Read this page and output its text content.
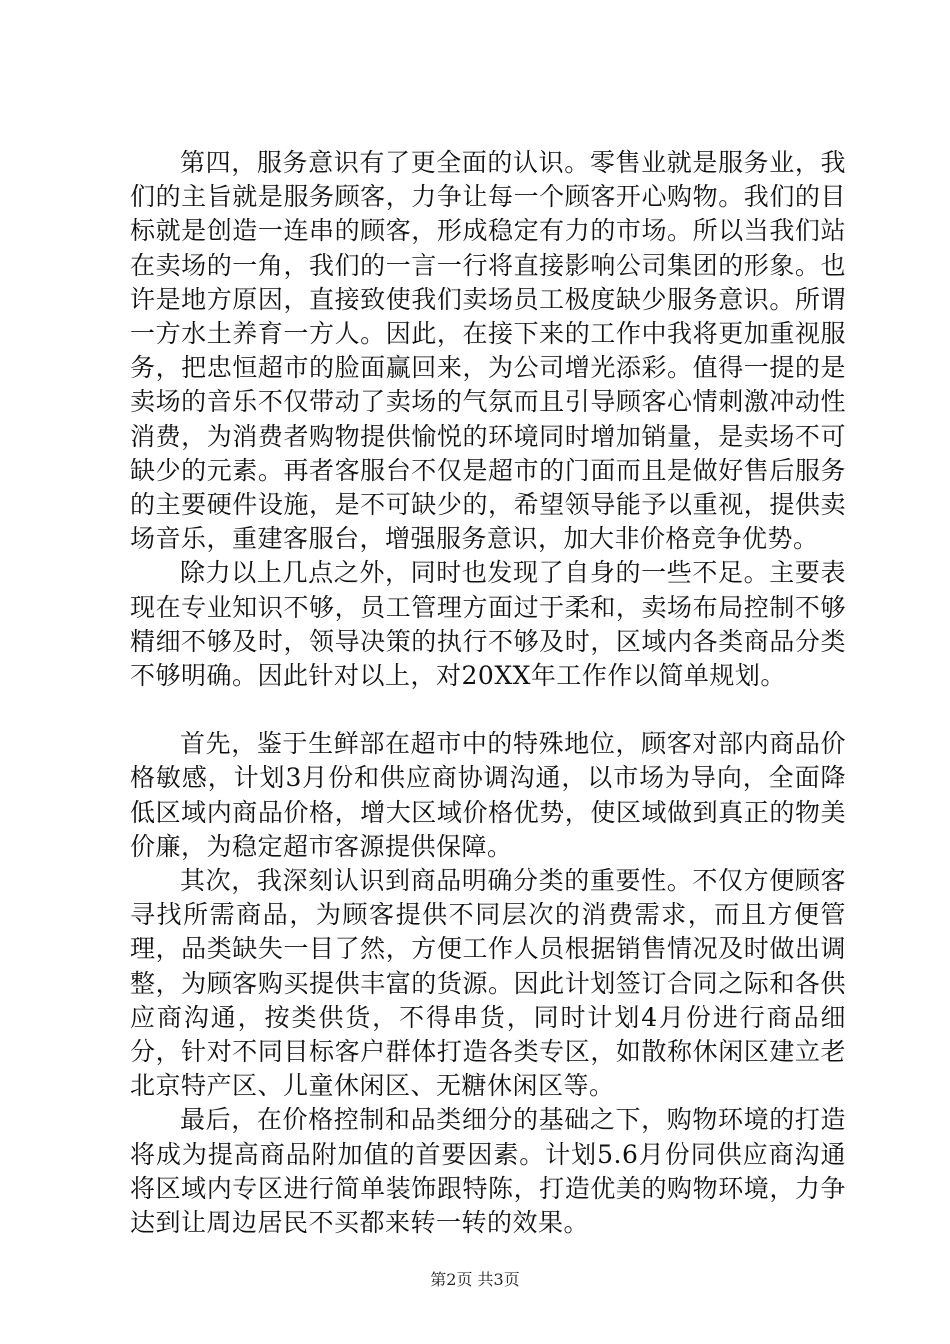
第四，服务意识有了更全面的认识。零售业就是服务业，我们的主旨就是服务顾客，力争让每一个顾客开心购物。我们的目标就是创造一连串的顾客，形成稳定有力的市场。所以当我们站在卖场的一角，我们的一言一行将直接影响公司集团的形象。也许是地方原因，直接致使我们卖场员工极度缺少服务意识。所谓一方水土养育一方人。因此，在接下来的工作中我将更加重视服务，把忠恒超市的脸面赢回来，为公司增光添彩。值得一提的是卖场的音乐不仅带动了卖场的气氛而且引导顾客心情刺激冲动性消费，为消费者购物提供愉悦的环境同时增加销量，是卖场不可缺少的元素。再者客服台不仅是超市的门面而且是做好售后服务的主要硬件设施，是不可缺少的，希望领导能予以重视，提供卖场音乐，重建客服台，增强服务意识，加大非价格竞争优势。

除力以上几点之外，同时也发现了自身的一些不足。主要表现在专业知识不够，员工管理方面过于柔和，卖场布局控制不够精细不够及时，领导决策的执行不够及时，区域内各类商品分类不够明确。因此针对以上，对20XX年工作作以简单规划。

首先，鉴于生鲜部在超市中的特殊地位，顾客对部内商品价格敏感，计划3月份和供应商协调沟通，以市场为导向，全面降低区域内商品价格，增大区域价格优势，使区域做到真正的物美价廉，为稳定超市客源提供保障。

其次，我深刻认识到商品明确分类的重要性。不仅方便顾客寻找所需商品，为顾客提供不同层次的消费需求，而且方便管理，品类缺失一目了然，方便工作人员根据销售情况及时做出调整，为顾客购买提供丰富的货源。因此计划签订合同之际和各供应商沟通，按类供货，不得串货，同时计划4月份进行商品细分，针对不同目标客户群体打造各类专区，如散称休闲区建立老北京特产区、儿童休闲区、无糖休闲区等。

最后，在价格控制和品类细分的基础之下，购物环境的打造将成为提高商品附加值的首要因素。计划5.6月份同供应商沟通将区域内专区进行简单装饰跟特陈，打造优美的购物环境，力争达到让周边居民不买都来转一转的效果。

第2页 共3页
